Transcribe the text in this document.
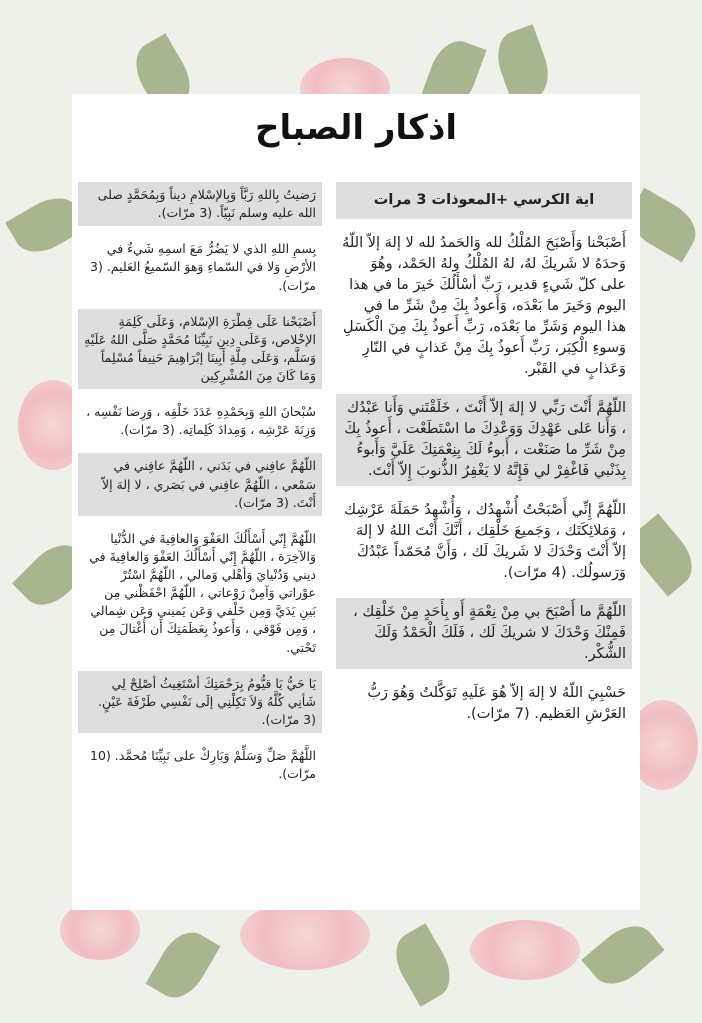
اذكار الصباح
اية الكرسي +المعوذات 3 مرات
أَصْبَحْنا وَأَصْبَحَ المُلْكُ لله وَالحَمدُ لله لا إلهَ إلاّ اللّهُ وَحدَهُ لا شَريكَ لهُ، لهُ المُلْكُ ولهُ الحَمْد، وهُوَ على كلّ شَيءٍ قدير، رَبِّ أسْأَلُكَ خَيرَ ما في هذا اليوم وَخَيرَ ما بَعْدَه، وَأَعوذُ بِكَ مِنْ شَرِّ ما في هذا اليوم وَشَرِّ ما بَعْدَه، رَبِّ أَعوذُ بِكَ مِنَ الْكَسَلِ وَسوءِ الْكِبَر، رَبِّ أَعوذُ بِكَ مِنْ عَذابٍ في النّارِ وَعَذابٍ في القَبْر.
اللّهُمَّ أَنْتَ رَبِّي لا إلهَ إلاّ أَنْتَ ، خَلَقْتَني وَأَنا عَبْدُك ، وَأَنا عَلى عَهْدِكَ وَوَعْدِكَ ما اسْتَطَعْت ، أَعوذُ بِكَ مِنْ شَرِّ ما صَنَعْت ، أَبوءُ لَكَ بِنِعْمَتِكَ عَلَيَّ وَأَبوءُ بِذَنْبي فَاغْفِرْ لي فَإِنَّهُ لا يَغْفِرُ الذُّنوبَ إِلاّ أَنْتَ.
اللّهُمَّ إِنِّي أَصْبَحْتُ أُشْهِدُك ، وَأُشْهِدُ حَمَلَةَ عَرْشِك ، وَمَلائِكَتَك ، وَجَميعَ خَلْقِك ، أَنَّكَ أَنْتَ اللهُ لا إلهَ إلاّ أَنْتَ وَحْدَكَ لا شَريكَ لَك ، وَأَنَّ مُحَمّداً عَبْدُكَ وَرَسولُك. (4 مرّات).
اللّهُمَّ ما أَصْبَحَ بي مِنْ نِعْمَةٍ أَو بِأَحَدٍ مِنْ خَلْقِك ، فَمِنْكَ وَحْدَكَ لا شريكَ لَك ، فَلَكَ الْحَمْدُ وَلَكَ الشُّكْر.
حَسْبِيَ اللّهُ لا إلهَ إلاّ هُوَ عَلَيهِ تَوَكَّلتُ وَهُوَ رَبُّ العَرْشِ العَظيم. (7 مرّات).
رَضيتُ بِاللهِ رَبَّاً وَبِالإسْلامِ ديناً وَبِمُحَمَّدٍ صلى الله عليه وسلم نَبِيّاً. (3 مرّات).
بِسمِ اللهِ الذي لا يَضُرُّ مَعَ اسمِهِ شَيءٌ في الأرْضِ وَلا في السّماءِ وَهوَ السّميعُ العَليم. (3 مرّات).
أَصْبَحْنا عَلَى فِطْرَةِ الإسْلام، وَعَلَى كَلِمَةِ الإخْلاص، وَعَلَى دِينِ نَبِيِّنَا مُحَمَّدٍ صَلَّى اللهُ عَلَيْهِ وَسَلَّم، وَعَلَى مِلَّةِ أَبِينَا إبْرَاهِيمَ حَنِيفاً مُسْلِماً وَمَا كَانَ مِنَ المُشْرِكِين
سُبْحانَ اللهِ وَبِحَمْدِهِ عَدَدَ خَلْقِه ، وَرِضا نَفْسِه ، وَزِنَةَ عَرْشِه ، وَمِدادَ كَلِماتِه. (3 مرّات).
اللّهُمَّ عافِني في بَدَني ، اللّهُمَّ عافِني في سَمْعي ، اللّهُمَّ عافِني في بَصَري ، لا إلهَ إلاّ أَنْتَ. (3 مرّات).
اللّهُمَّ إِنّي أَسْأَلُكَ العَفْوَ وَالعافِيةَ في الدُّنْيا وَالآخِرَة ، اللّهُمَّ إِنّي أَسْأَلُكَ العَفْوَ وَالعافِيةَ في ديني وَدُنْيايَ وَأهْلي وَمالي ، اللّهُمَّ اسْتُرْ عوْراتي وَآمِنْ رَوْعاتي ، اللّهُمَّ احْفَظْني مِن بَينِ يَدَيَّ وَمِن خَلْفي وَعَن يَميني وَعَن شِمالي ، وَمِن فَوْقي ، وَأَعوذُ بِعَظَمَتِكَ أَن أُغْتالَ مِن تَحْتي.
يَا حَيُّ يَا قيُّومُ بِرَحْمَتِكَ أسْتَغِيثُ أصْلِحْ لِي شَأنِي كُلَّهُ وَلاَ تَكِلْنِي إلَى نَفْسِي طَرْفَةَ عَيْنٍ. (3 مرّات).
اللَّهُمَّ صَلِّ وَسَلِّمْ وَبَارِكْ على نَبِيِّنَا مُحمَّد. (10 مرّات).
